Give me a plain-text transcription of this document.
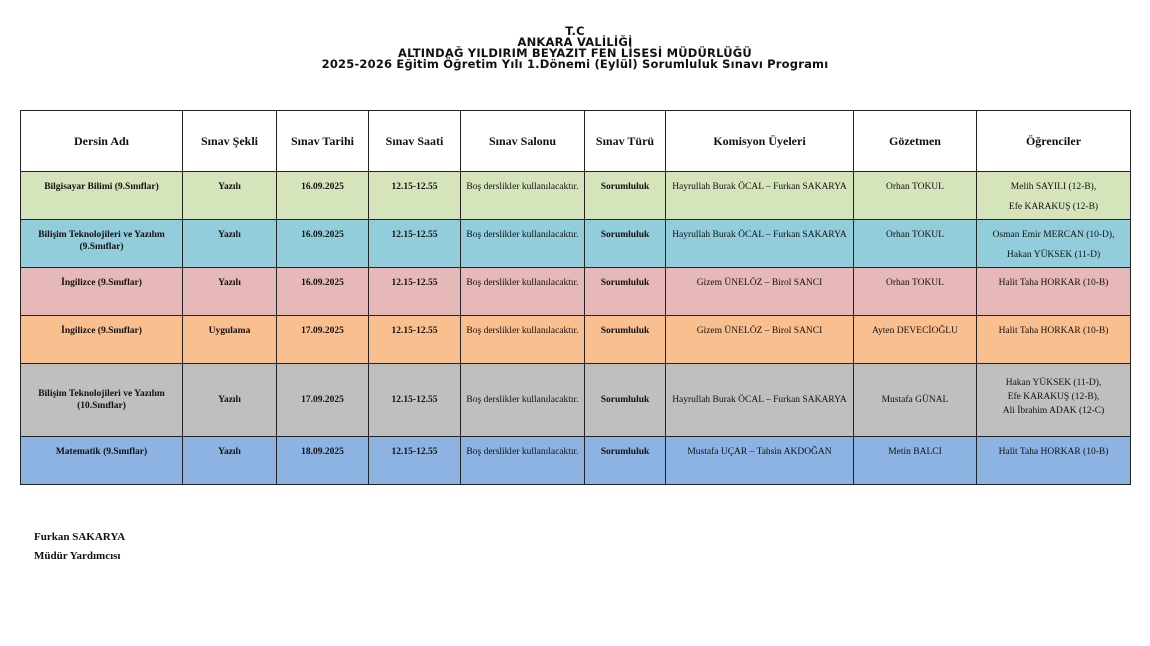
T.C
ANKARA VALİLİĞİ
ALTINDAĞ YILDIRIM BEYAZIT FEN LİSESİ MÜDÜRLÜĞÜ
2025-2026 Eğitim Öğretim Yılı 1.Dönemi (Eylül) Sorumluluk Sınavı Programı
Dersin Adı	Sınav Şekli	Sınav Tarihi	Sınav Saati	Sınav Salonu	Sınav Türü	Komisyon Üyeleri	Gözetmen	Öğrenciler
Bilgisayar Bilimi (9.Sınıflar)	Yazılı	16.09.2025	12.15-12.55	Boş derslikler kullanılacaktır.	Sorumluluk	Hayrullah Burak ÖCAL – Furkan SAKARYA	Orhan TOKUL	Melih SAYILI (12-B),
Efe KARAKUŞ (12-B)

Bilişim Teknolojileri ve Yazılım (9.Sınıflar)	Yazılı	16.09.2025	12.15-12.55	Boş derslikler kullanılacaktır.	Sorumluluk	Hayrullah Burak ÖCAL – Furkan SAKARYA	Orhan TOKUL	Osman Emir MERCAN (10-D),
Hakan YÜKSEK (11-D)

İngilizce (9.Sınıflar)	Yazılı	16.09.2025	12.15-12.55	Boş derslikler kullanılacaktır.	Sorumluluk	Gizem ÜNELÖZ – Birol SANCI	Orhan TOKUL	Halit Taha HORKAR (10-B)
İngilizce (9.Sınıflar)	Uygulama	17.09.2025	12.15-12.55	Boş derslikler kullanılacaktır.	Sorumluluk	Gizem ÜNELÖZ – Birol SANCI	Ayten DEVECİOĞLU	Halit Taha HORKAR (10-B)
Bilişim Teknolojileri ve Yazılım (10.Sınıflar)	Yazılı	17.09.2025	12.15-12.55	Boş derslikler kullanılacaktır.	Sorumluluk	Hayrullah Burak ÖCAL – Furkan SAKARYA	Mustafa GÜNAL	Hakan YÜKSEK (11-D),
Efe KARAKUŞ (12-B),
Ali İbrahim ADAK (12-C)

Matematik (9.Sınıflar)	Yazılı	18.09.2025	12.15-12.55	Boş derslikler kullanılacaktır.	Sorumluluk	Mustafa UÇAR – Tahsin AKDOĞAN	Metin BALCI	Halit Taha HORKAR (10-B)
Furkan SAKARYA
Müdür Yardımcısı
